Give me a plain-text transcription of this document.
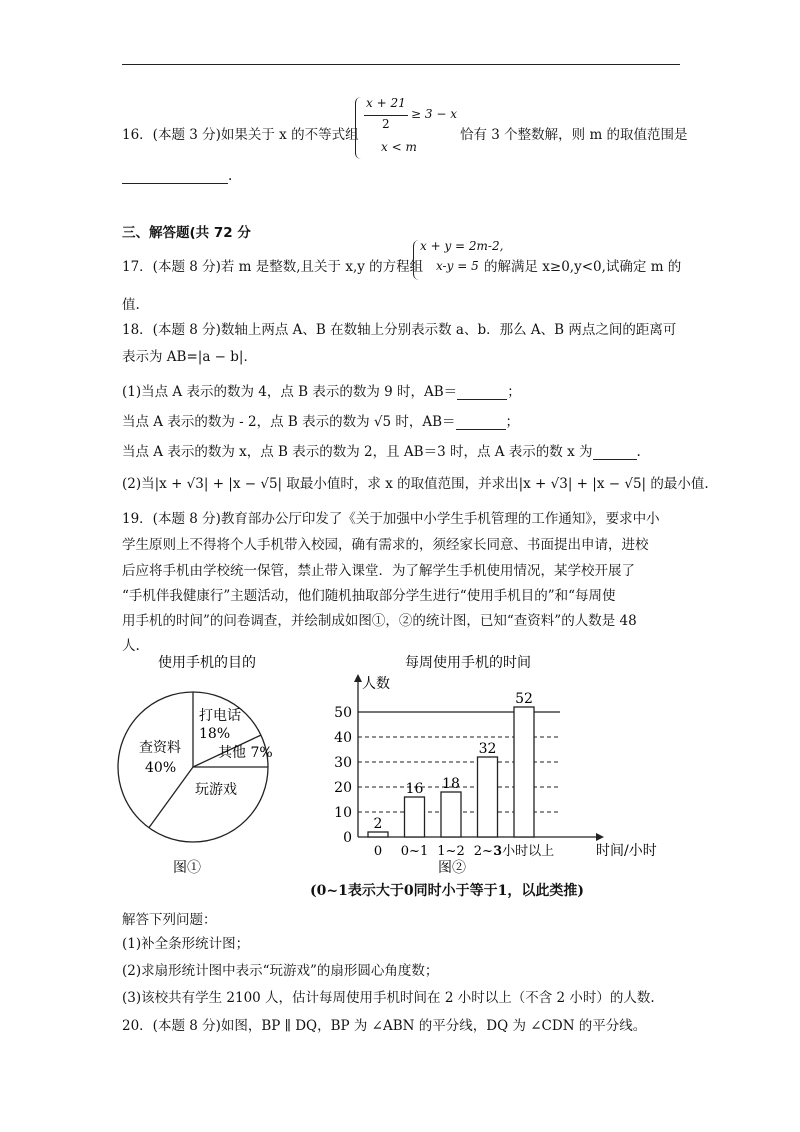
16．(本题 3 分)如果关于 x 的不等式组
x + 21
2
≥ 3 − x
x < m
恰有 3 个整数解，则 m 的取值范围是
.
三、解答题(共 72 分
17．(本题 8 分)若 m 是整数,且关于 x,y 的方程组
x + y = 2m-2,
x-y = 5 的解满足 x≥0,y<0,试确定 m 的
值.
18．(本题 8 分)数轴上两点 A、B 在数轴上分别表示数 a、b．那么 A、B 两点之间的距离可
表示为 AB=|a − b|．
(1)当点 A 表示的数为 4，点 B 表示的数为 9 时，AB＝	；
当点 A 表示的数为 - 2，点 B 表示的数为 √5 时，AB＝	；
当点 A 表示的数为 x，点 B 表示的数为 2，且 AB＝3 时，点 A 表示的数 x 为	.
(2)当|x + √3| + |x − √5| 取最小值时，求 x 的取值范围，并求出|x + √3| + |x − √5| 的最小值.
19．(本题 8 分)教育部办公厅印发了《关于加强中小学生手机管理的工作通知》，要求中小
学生原则上不得将个人手机带入校园，确有需求的，须经家长同意、书面提出申请，进校
后应将手机由学校统一保管，禁止带入课堂．为了解学生手机使用情况，某学校开展了
“手机伴我健康行”主题活动，他们随机抽取部分学生进行“使用手机目的”和“每周使
用手机的时间”的问卷调查，并绘制成如图①，②的统计图，已知“查资料”的人数是 48
人.
使用手机的目的
打电话
18%
其他 7%
查资料
40%
玩游戏
图①
每周使用手机的时间
人数
0
10
20
30
40
50
2
0
16
0~1
18
1~2
32
2~3
52
3小时以上	时间/小时
图②
(0~1表示大于0同时小于等于1，以此类推)
解答下列问题：
(1)补全条形统计图；
(2)求扇形统计图中表示“玩游戏”的扇形圆心角度数；
(3)该校共有学生 2100 人，估计每周使用手机时间在 2 小时以上（不含 2 小时）的人数.
20．(本题 8 分)如图，BP ∥ DQ，BP 为 ∠ABN 的平分线，DQ 为 ∠CDN 的平分线。
